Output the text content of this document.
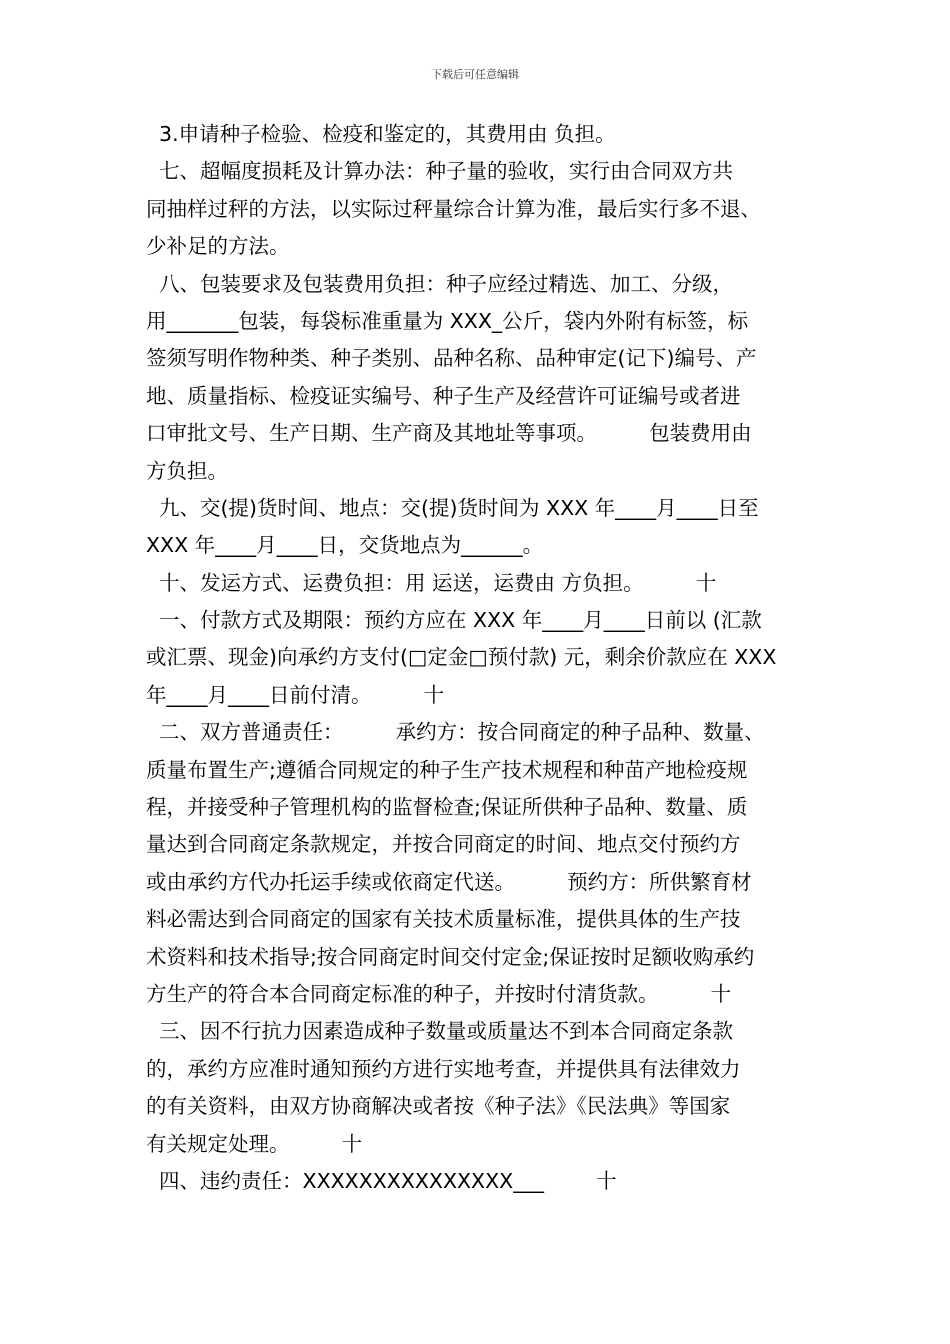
下载后可任意编辑
3.申请种子检验、检疫和鉴定的，其费用由 负担。
七、超幅度损耗及计算办法：种子量的验收，实行由合同双方共
同抽样过秤的方法，以实际过秤量综合计算为准，最后实行多不退、
少补足的方法。
八、包装要求及包装费用负担：种子应经过精选、加工、分级，
用_______包装，每袋标准重量为 XXX_公斤，袋内外附有标签，标
签须写明作物种类、种子类别、品种名称、品种审定(记下)编号、产
地、质量指标、检疫证实编号、种子生产及经营许可证编号或者进
口审批文号、生产日期、生产商及其地址等事项。        包装费用由
方负担。
九、交(提)货时间、地点：交(提)货时间为 XXX 年____月____日至
XXX 年____月____日，交货地点为______。
十、发运方式、运费负担：用 运送，运费由 方负担。        十
一、付款方式及期限：预约方应在 XXX 年____月____日前以 (汇款
或汇票、现金)向承约方支付(□定金□预付款) 元，剩余价款应在 XXX
年____月____日前付清。        十
二、双方普通责任：        承约方：按合同商定的种子品种、数量、
质量布置生产;遵循合同规定的种子生产技术规程和种苗产地检疫规
程，并接受种子管理机构的监督检查;保证所供种子品种、数量、质
量达到合同商定条款规定，并按合同商定的时间、地点交付预约方
或由承约方代办托运手续或依商定代送。        预约方：所供繁育材
料必需达到合同商定的国家有关技术质量标准，提供具体的生产技
术资料和技术指导;按合同商定时间交付定金;保证按时足额收购承约
方生产的符合本合同商定标准的种子，并按时付清货款。        十
三、因不行抗力因素造成种子数量或质量达不到本合同商定条款
的，承约方应准时通知预约方进行实地考查，并提供具有法律效力
的有关资料，由双方协商解决或者按《种子法》《民法典》等国家
有关规定处理。        十
四、违约责任：XXXXXXXXXXXXXXX___        十
